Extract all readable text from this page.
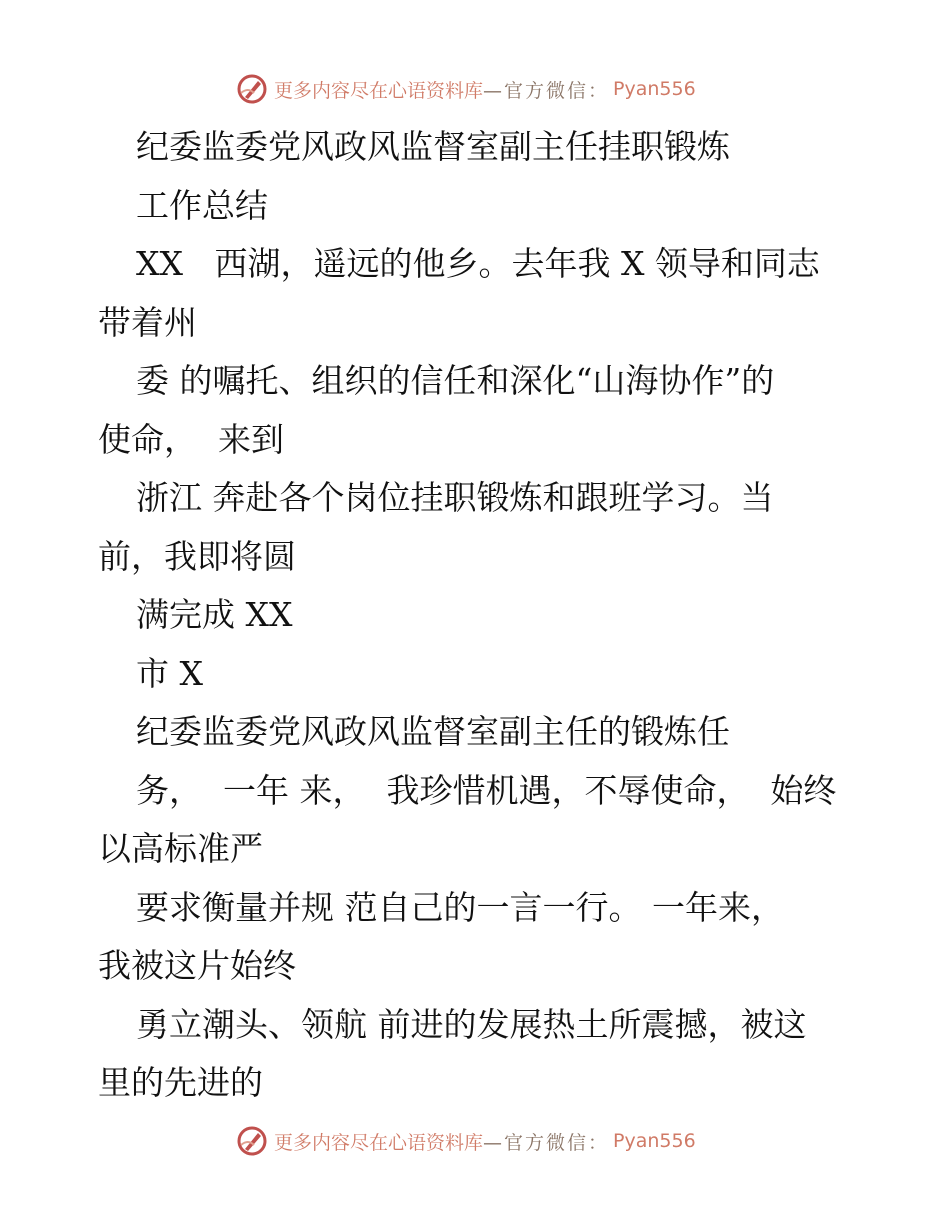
更多内容尽在心语资料库 —官方微信： Pyan556
纪委监委党风政风监督室副主任挂职锻炼
工作总结
XX   西湖，遥远的他乡。去年我 X 领导和同志
带着州
委 的嘱托、组织的信任和深化“山海协作”的
使命，  来到
浙江 奔赴各个岗位挂职锻炼和跟班学习。当
前，我即将圆
满完成 XX
市 X
纪委监委党风政风监督室副主任的锻炼任
务，  一年 来，  我珍惜机遇，不辱使命，  始终
以高标准严
要求衡量并规 范自己的一言一行。 一年来，
我被这片始终
勇立潮头、领航 前进的发展热土所震撼，被这
里的先进的
更多内容尽在心语资料库 —官方微信： Pyan556
